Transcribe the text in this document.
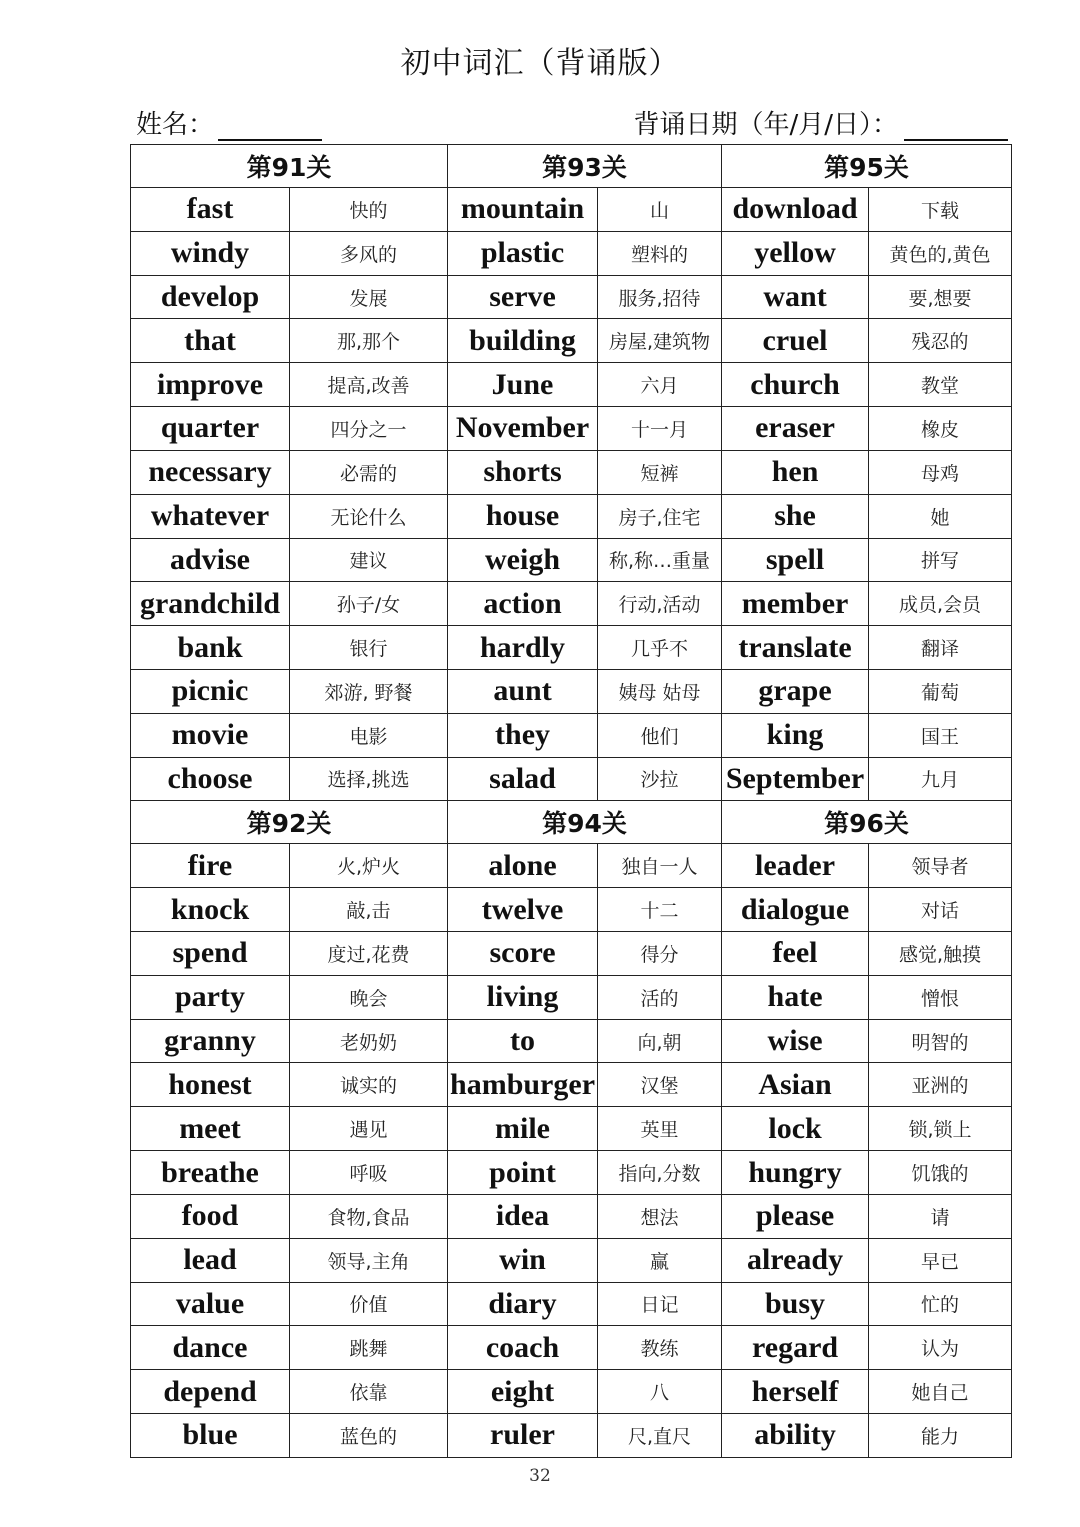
初中词汇（背诵版）
姓名：	背诵日期（年/月/日）：
第91关		第93关		第95关	
fast	快的	mountain	山	download	下载
windy	多风的	plastic	塑料的	yellow	黄色的,黄色
develop	发展	serve	服务,招待	want	要,想要
that	那,那个	building	房屋,建筑物	cruel	残忍的
improve	提高,改善	June	六月	church	教堂
quarter	四分之一	November	十一月	eraser	橡皮
necessary	必需的	shorts	短裤	hen	母鸡
whatever	无论什么	house	房子,住宅	she	她
advise	建议	weigh	称,称…重量	spell	拼写
grandchild	孙子/女	action	行动,活动	member	成员,会员
bank	银行	hardly	几乎不	translate	翻译
picnic	郊游, 野餐	aunt	姨母 姑母	grape	葡萄
movie	电影	they	他们	king	国王
choose	选择,挑选	salad	沙拉	September	九月
第92关		第94关		第96关	
fire	火,炉火	alone	独自一人	leader	领导者
knock	敲,击	twelve	十二	dialogue	对话
spend	度过,花费	score	得分	feel	感觉,触摸
party	晚会	living	活的	hate	憎恨
granny	老奶奶	to	向,朝	wise	明智的
honest	诚实的	hamburger	汉堡	Asian	亚洲的
meet	遇见	mile	英里	lock	锁,锁上
breathe	呼吸	point	指向,分数	hungry	饥饿的
food	食物,食品	idea	想法	please	请
lead	领导,主角	win	赢	already	早已
value	价值	diary	日记	busy	忙的
dance	跳舞	coach	教练	regard	认为
depend	依靠	eight	八	herself	她自己
blue	蓝色的	ruler	尺,直尺	ability	能力
32
